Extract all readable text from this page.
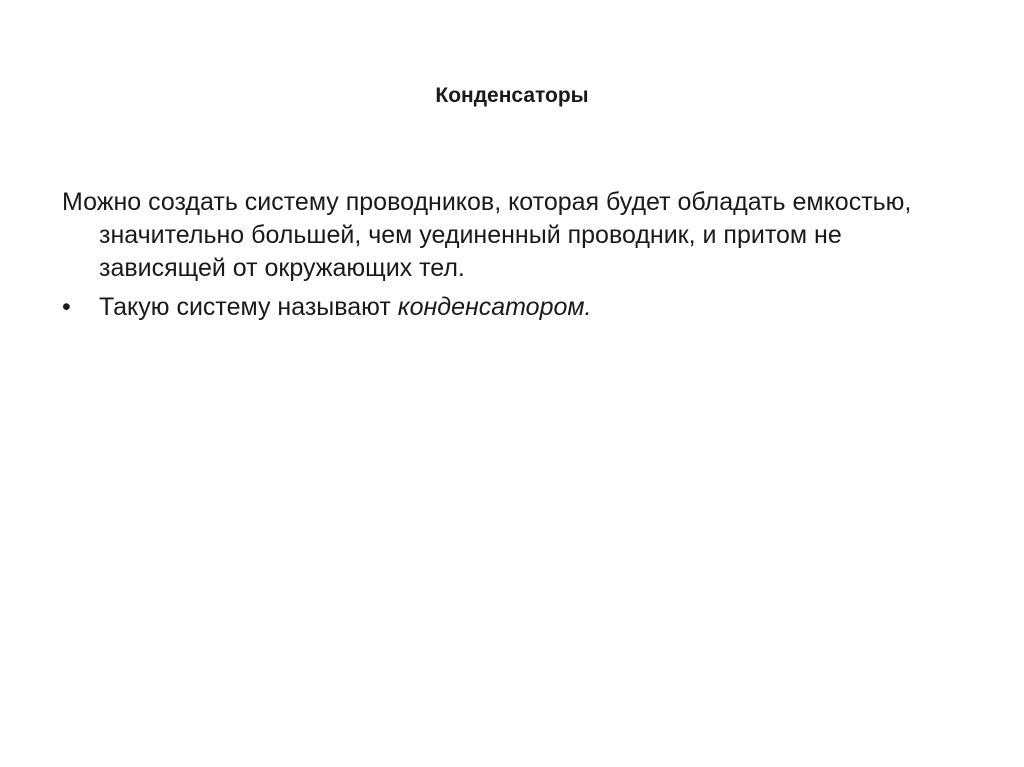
Конденсаторы

Можно создать систему проводников, которая будет обладать емкостью, значительно большей, чем уединенный проводник, и притом не зависящей от окружающих тел.

•	Такую систему называют конденсатором.
